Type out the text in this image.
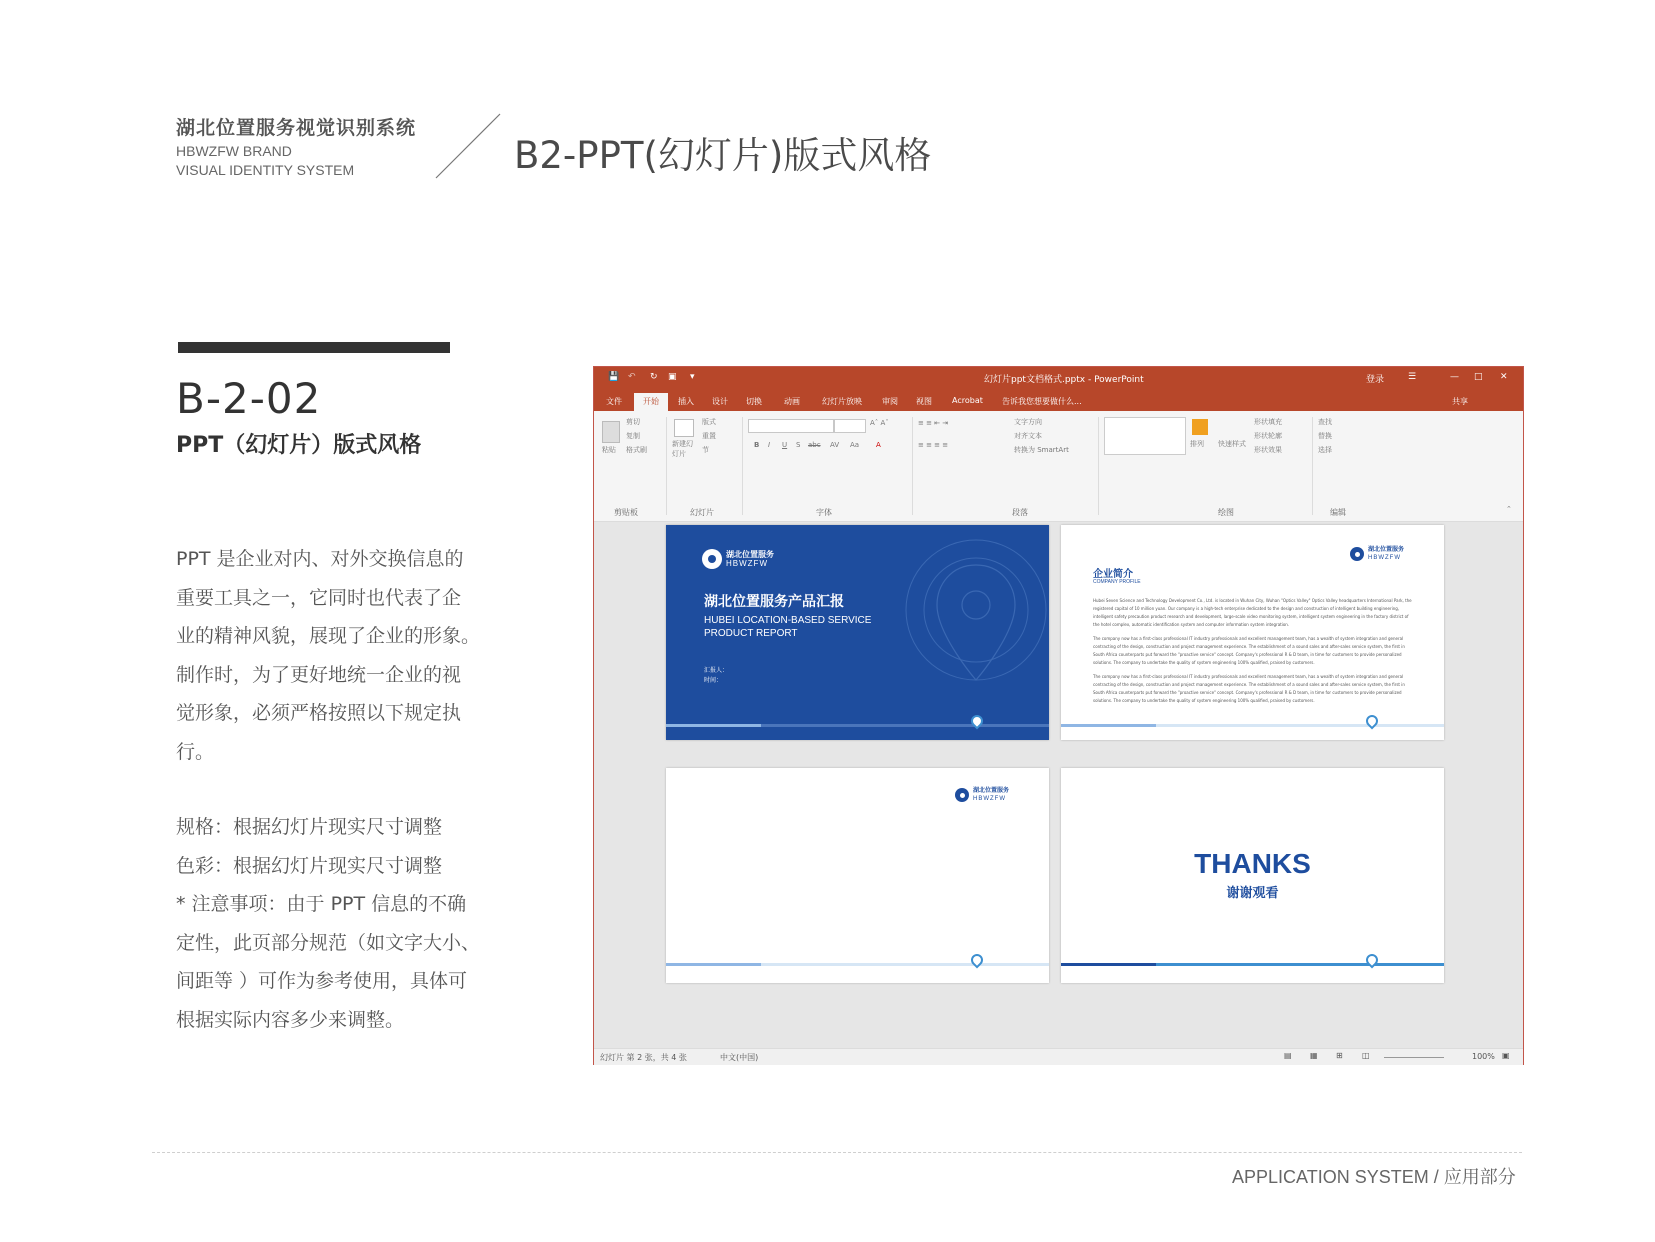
湖北位置服务视觉识别系统
HBWZFW BRAND
VISUAL IDENTITY SYSTEM	B2-PPT(幻灯片)版式风格
B-2-02
PPT（幻灯片）版式风格
PPT 是企业对内、对外交换信息的
重要工具之一，它同时也代表了企
业的精神风貌，展现了企业的形象。
制作时，为了更好地统一企业的视
觉形象，必须严格按照以下规定执
行。
规格：根据幻灯片现实尺寸调整
色彩：根据幻灯片现实尺寸调整
* 注意事项：由于 PPT 信息的不确
定性，此页部分规范（如文字大小、
间距等 ）可作为参考使用，具体可
根据实际内容多少来调整。
💾 ↶ ↻ ▣ ▾	幻灯片ppt文档格式.pptx - PowerPoint	登录	☰	— □ ✕
文件	开始	插入 设计 切换	动画	幻灯片放映	审阅 视图	Acrobat 告诉我您想要做什么...	共享
粘贴
剪切
复制
格式刷
剪贴板
新建幻灯片
版式
重置
节
幻灯片
Aˆ Aˇ
B I U S abc AV Aa A
字体
≡ ≡ ⇤ ⇥
≡ ≡ ≡ ≡
文字方向
对齐文本
转换为 SmartArt
段落
排列 快速样式
形状填充
形状轮廓
形状效果
绘图
查找
替换
选择
编辑	⌃
湖北位置服务
HBWZFW
湖北位置服务产品汇报
HUBEI LOCATION-BASED SERVICE
PRODUCT REPORT
汇报人：
时间：
湖北位置服务
HBWZFW
企业简介
COMPANY PROFILE
Hubei Seven Science and Technology Development Co., Ltd. is located in Wuhan City, Wuhan "Optics Valley" Optics Valley headquarters International Park, the registered capital of 10 million yuan. Our company is a high-tech enterprise dedicated to the design and construction of intelligent building engineering, intelligent safety precaution product research and development, large-scale video monitoring system, intelligent system engineering in the factory district of the hotel complex, automatic identification system and computer information system integration.
The company now has a first-class professional IT industry professionals and excellent management team, has a wealth of system integration and general contracting of the design, construction and project management experience. The establishment of a sound sales and after-sales service system, the first in South Africa counterparts put forward the "proactive service" concept. Company's professional R & D team, in time for customers to provide personalized solutions. The company to undertake the quality of system engineering 100% qualified, praised by customers.
The company now has a first-class professional IT industry professionals and excellent management team, has a wealth of system integration and general contracting of the design, construction and project management experience. The establishment of a sound sales and after-sales service system, the first in South Africa counterparts put forward the "proactive service" concept. Company's professional R & D team, in time for customers to provide personalized solutions. The company to undertake the quality of system engineering 100% qualified, praised by customers.
湖北位置服务
HBWZFW
THANKS
谢谢观看
幻灯片 第 2 张，共 4 张	中文(中国)	▤ ▦ ⊞ ◫	100% ▣
APPLICATION SYSTEM / 应用部分
